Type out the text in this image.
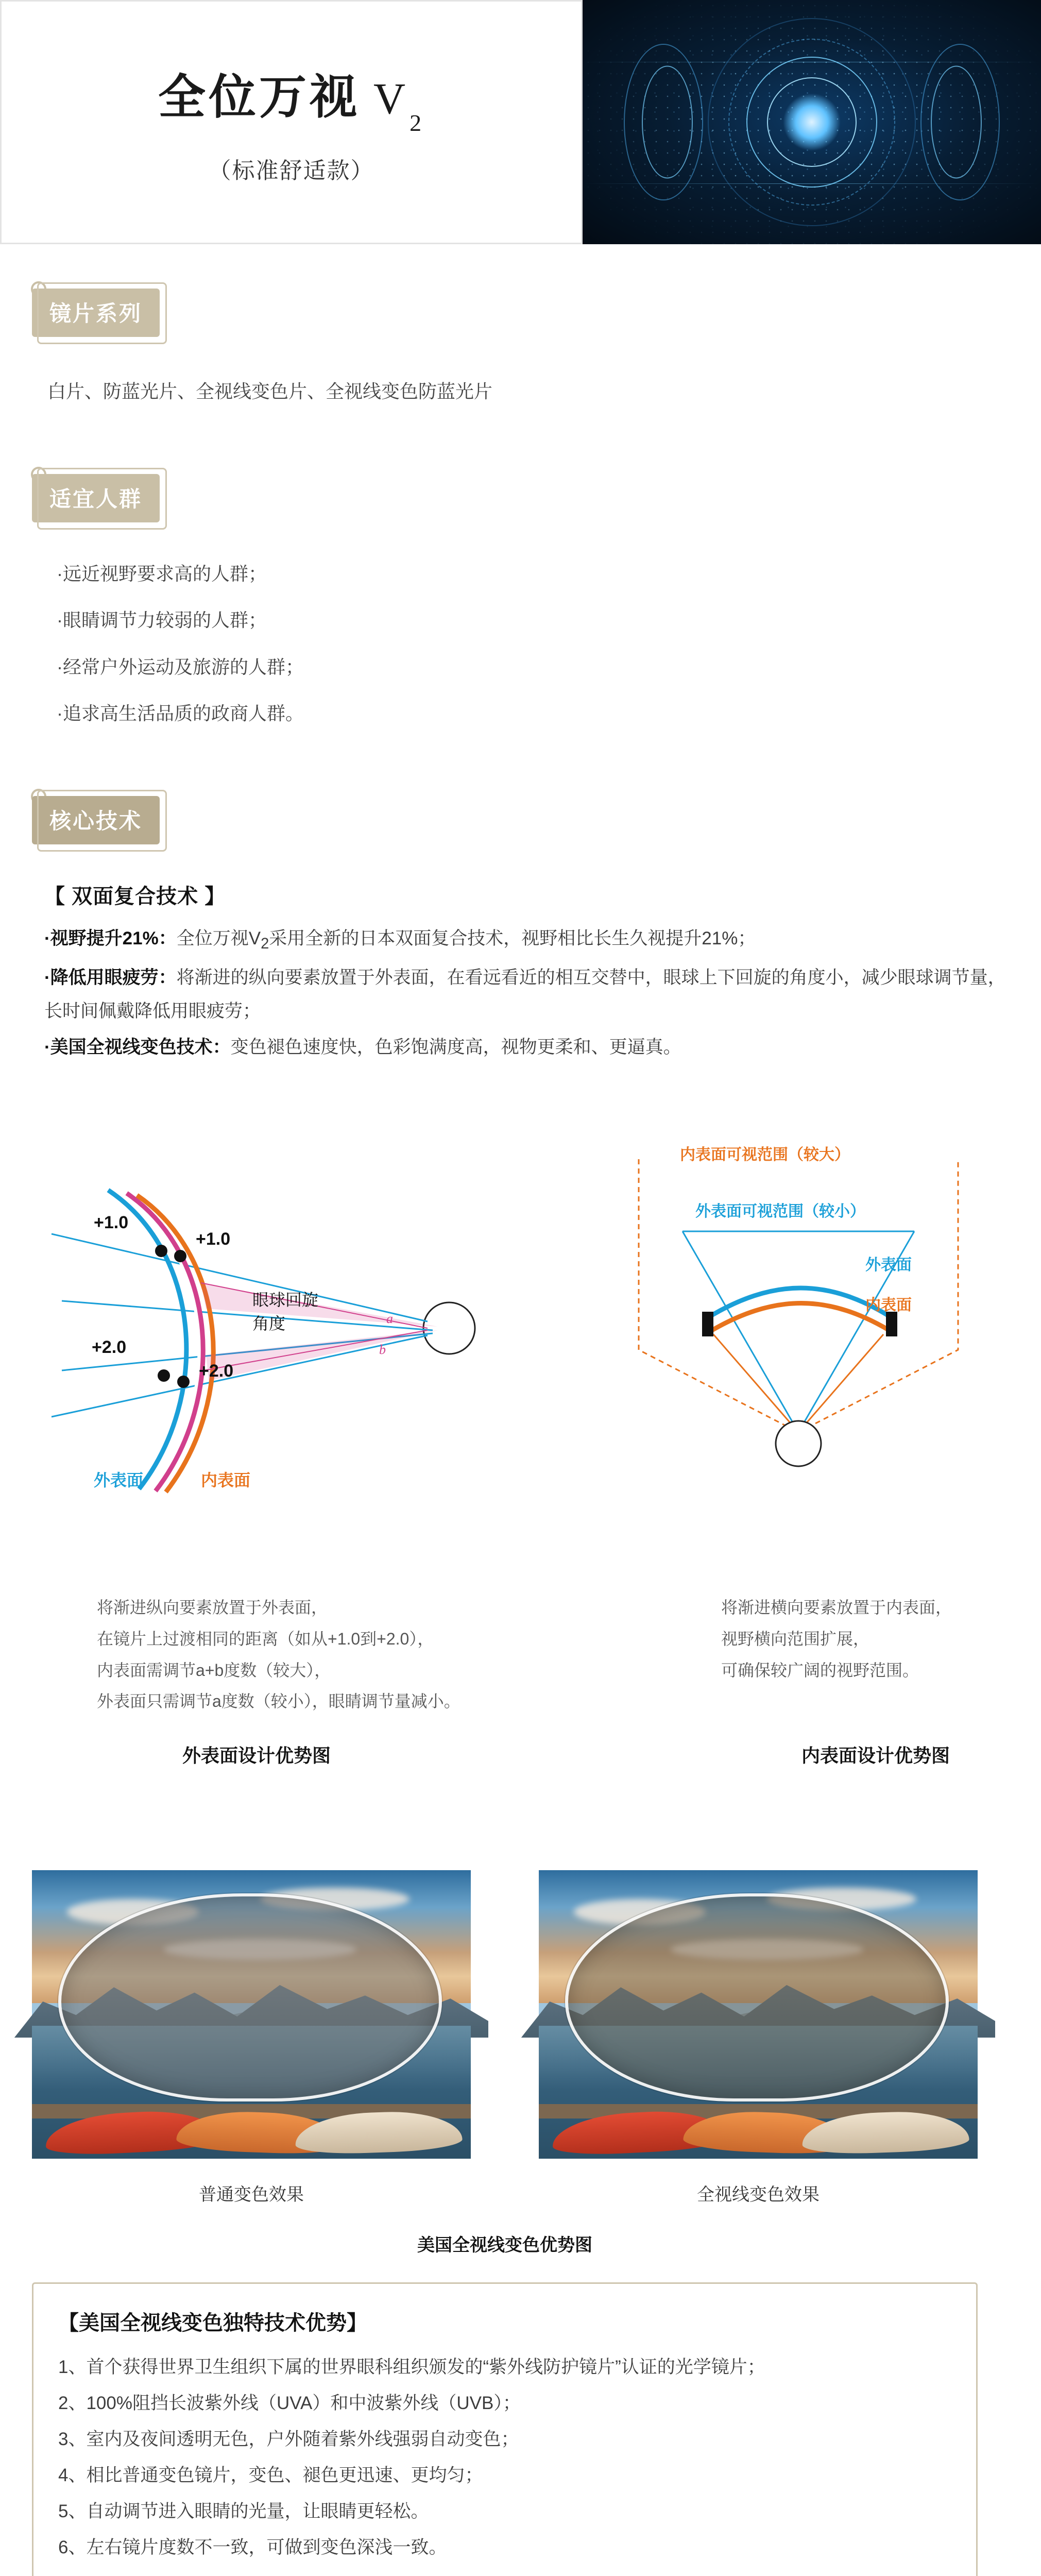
全位万视 $V_2$
（标准舒适款）
镜片系列
白片、防蓝光片、全视线变色片、全视线变色防蓝光片
适宜人群
·远近视野要求高的人群；
·眼睛调节力较弱的人群；
·经常户外运动及旅游的人群；
·追求高生活品质的政商人群。
核心技术
【 双面复合技术 】
·视野提升21%：全位万视$V_2$采用全新的日本双面复合技术，视野相比长生久视提升21%；
·降低用眼疲劳：将渐进的纵向要素放置于外表面，在看远看近的相互交替中，眼球上下回旋的角度小，减少眼球调节量，长时间佩戴降低用眼疲劳；
·美国全视线变色技术：变色褪色速度快，色彩饱满度高，视物更柔和、更逼真。
a
b
+1.0
+1.0
+2.0
+2.0
眼球回旋
角度
外表面	内表面
将渐进纵向要素放置于外表面，
在镜片上过渡相同的距离（如从+1.0到+2.0），
内表面需调节a+b度数（较大），
外表面只需调节a度数（较小），眼睛调节量减小。
外表面设计优势图
内表面可视范围（较大）
外表面可视范围（较小）
外表面
内表面
将渐进横向要素放置于内表面，
视野横向范围扩展，
可确保较广阔的视野范围。
内表面设计优势图
普通变色效果	全视线变色效果
美国全视线变色优势图
【美国全视线变色独特技术优势】
1、首个获得世界卫生组织下属的世界眼科组织颁发的“紫外线防护镜片”认证的光学镜片；
2、100%阻挡长波紫外线（UVA）和中波紫外线（UVB）；
3、室内及夜间透明无色，户外随着紫外线强弱自动变色；
4、相比普通变色镜片，变色、褪色更迅速、更均匀；
5、自动调节进入眼睛的光量，让眼睛更轻松。
6、左右镜片度数不一致，可做到变色深浅一致。
